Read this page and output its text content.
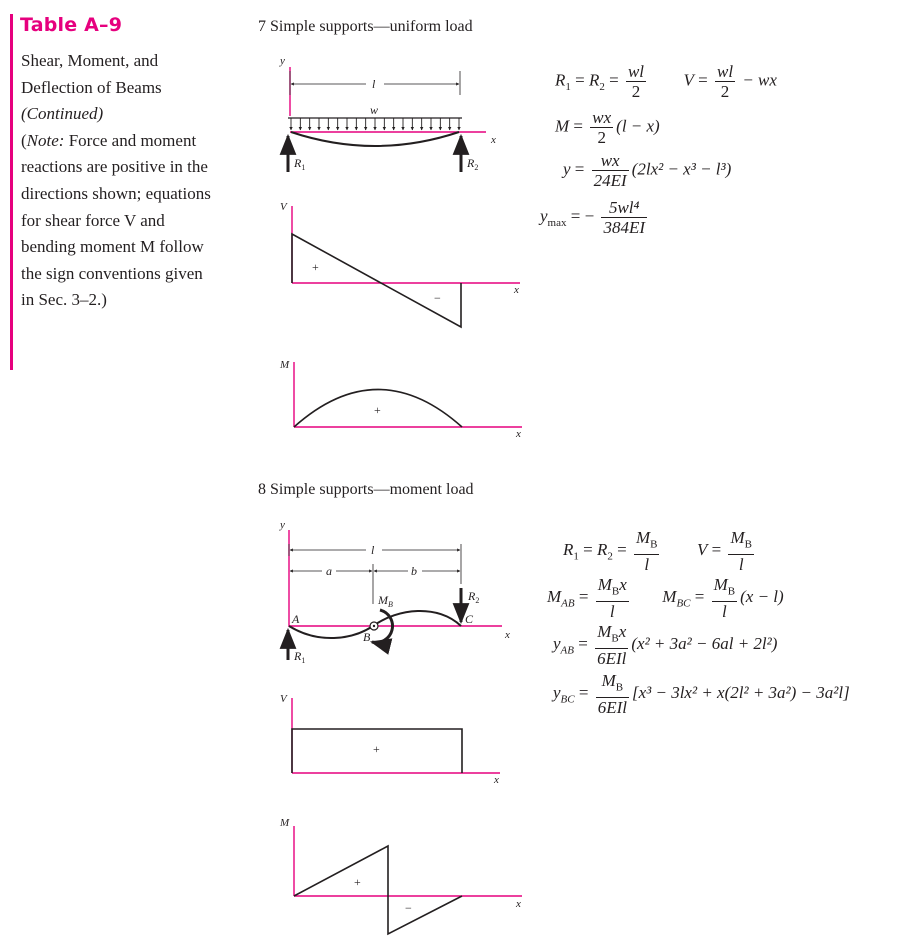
Table A–9

Shear, Moment, and
Deflection of Beams
(Continued)
(Note: Force and moment reactions are positive in the directions shown; equations for shear force V and bending moment M follow the sign conventions given in Sec. 3–2.)

7 Simple supports—uniform load
8 Simple supports—moment load
y
l
w
x
$R_1$	$R_2$
V
x
+
−
M
x
+
y
l
a	b
x
$M_B$
A
B
C
$R_1$
$R_2$
V
x
+
M
x
+
−
$R_1 = R_2 = \frac{wl}{2}$ $V = \frac{wl}{2}$ − wx
$M = \frac{wx}{2} (l - x)$
$y = \frac{wx}{24EI} (2lx^2 - x^3 - l^3)$
$y_{max}$ = − $\frac{\text{5wl⁴}}{384EI}$
$R_1 = R_2 = \frac{M_B}{l}$ $V = \frac{M_B}{l}$
$M_{AB} = \frac{M_Bx}{l} M_{BC} = \frac{M_B}{l} (x - l)$
$y_{AB} = \frac{M_Bx}{\text{6EIl}} (x^2 + 3a^2 - 6al + 2l^2)$
$y_{BC} = \frac{M_B}{\text{6EIl}} [x^3 - 3lx^2 + x(2l^2 + 3a^2) - 3a^2l]$
